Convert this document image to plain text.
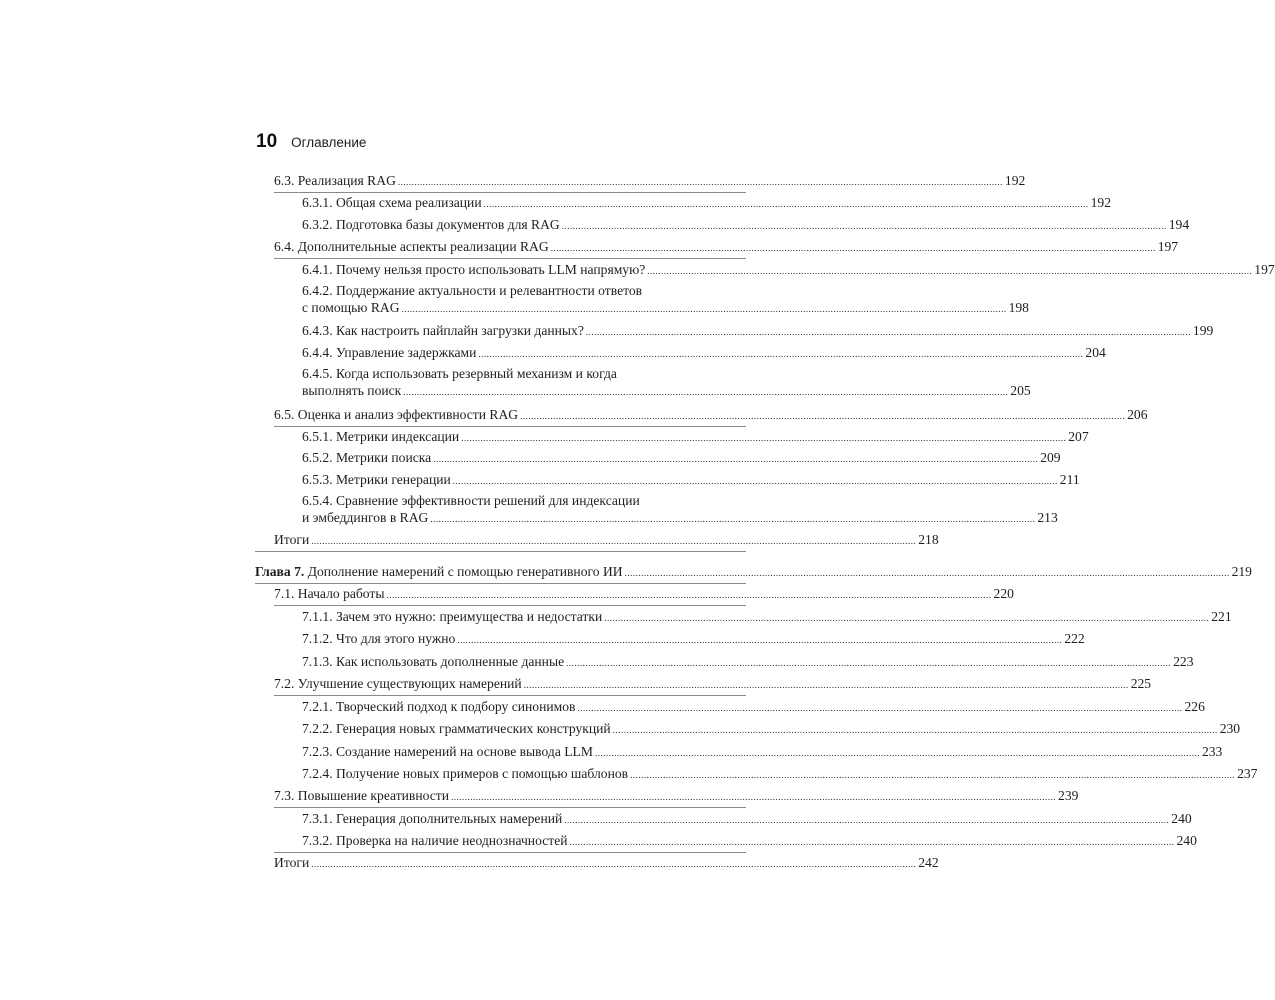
10 Оглавление
6.3. Реализация RAG ............................................................................................................................................................................................................................ 192
6.3.1. Общая схема реализации ............................................................................................................................................................................................................................ 192
6.3.2. Подготовка базы документов для RAG ............................................................................................................................................................................................................................ 194
6.4. Дополнительные аспекты реализации RAG ............................................................................................................................................................................................................................ 197
6.4.1. Почему нельзя просто использовать LLM напрямую? ............................................................................................................................................................................................................................ 197
6.4.2. Поддержание актуальности и релевантности ответов
с помощью RAG ............................................................................................................................................................................................................................ 198
6.4.3. Как настроить пайплайн загрузки данных? ............................................................................................................................................................................................................................ 199
6.4.4. Управление задержками ............................................................................................................................................................................................................................ 204
6.4.5. Когда использовать резервный механизм и когда
выполнять поиск ............................................................................................................................................................................................................................ 205
6.5. Оценка и анализ эффективности RAG ............................................................................................................................................................................................................................ 206
6.5.1. Метрики индексации ............................................................................................................................................................................................................................ 207
6.5.2. Метрики поиска ............................................................................................................................................................................................................................ 209
6.5.3. Метрики генерации ............................................................................................................................................................................................................................ 211
6.5.4. Сравнение эффективности решений для индексации
и эмбеддингов в RAG ............................................................................................................................................................................................................................ 213
Итоги ............................................................................................................................................................................................................................ 218
Глава 7. Дополнение намерений с помощью генеративного ИИ ............................................................................................................................................................................................................................ 219
7.1. Начало работы ............................................................................................................................................................................................................................ 220
7.1.1. Зачем это нужно: преимущества и недостатки ............................................................................................................................................................................................................................ 221
7.1.2. Что для этого нужно ............................................................................................................................................................................................................................ 222
7.1.3. Как использовать дополненные данные ............................................................................................................................................................................................................................ 223
7.2. Улучшение существующих намерений ............................................................................................................................................................................................................................ 225
7.2.1. Творческий подход к подбору синонимов ............................................................................................................................................................................................................................ 226
7.2.2. Генерация новых грамматических конструкций ............................................................................................................................................................................................................................ 230
7.2.3. Создание намерений на основе вывода LLM ............................................................................................................................................................................................................................ 233
7.2.4. Получение новых примеров с помощью шаблонов ............................................................................................................................................................................................................................ 237
7.3. Повышение креативности ............................................................................................................................................................................................................................ 239
7.3.1. Генерация дополнительных намерений ............................................................................................................................................................................................................................ 240
7.3.2. Проверка на наличие неоднозначностей ............................................................................................................................................................................................................................ 240
Итоги ............................................................................................................................................................................................................................ 242
